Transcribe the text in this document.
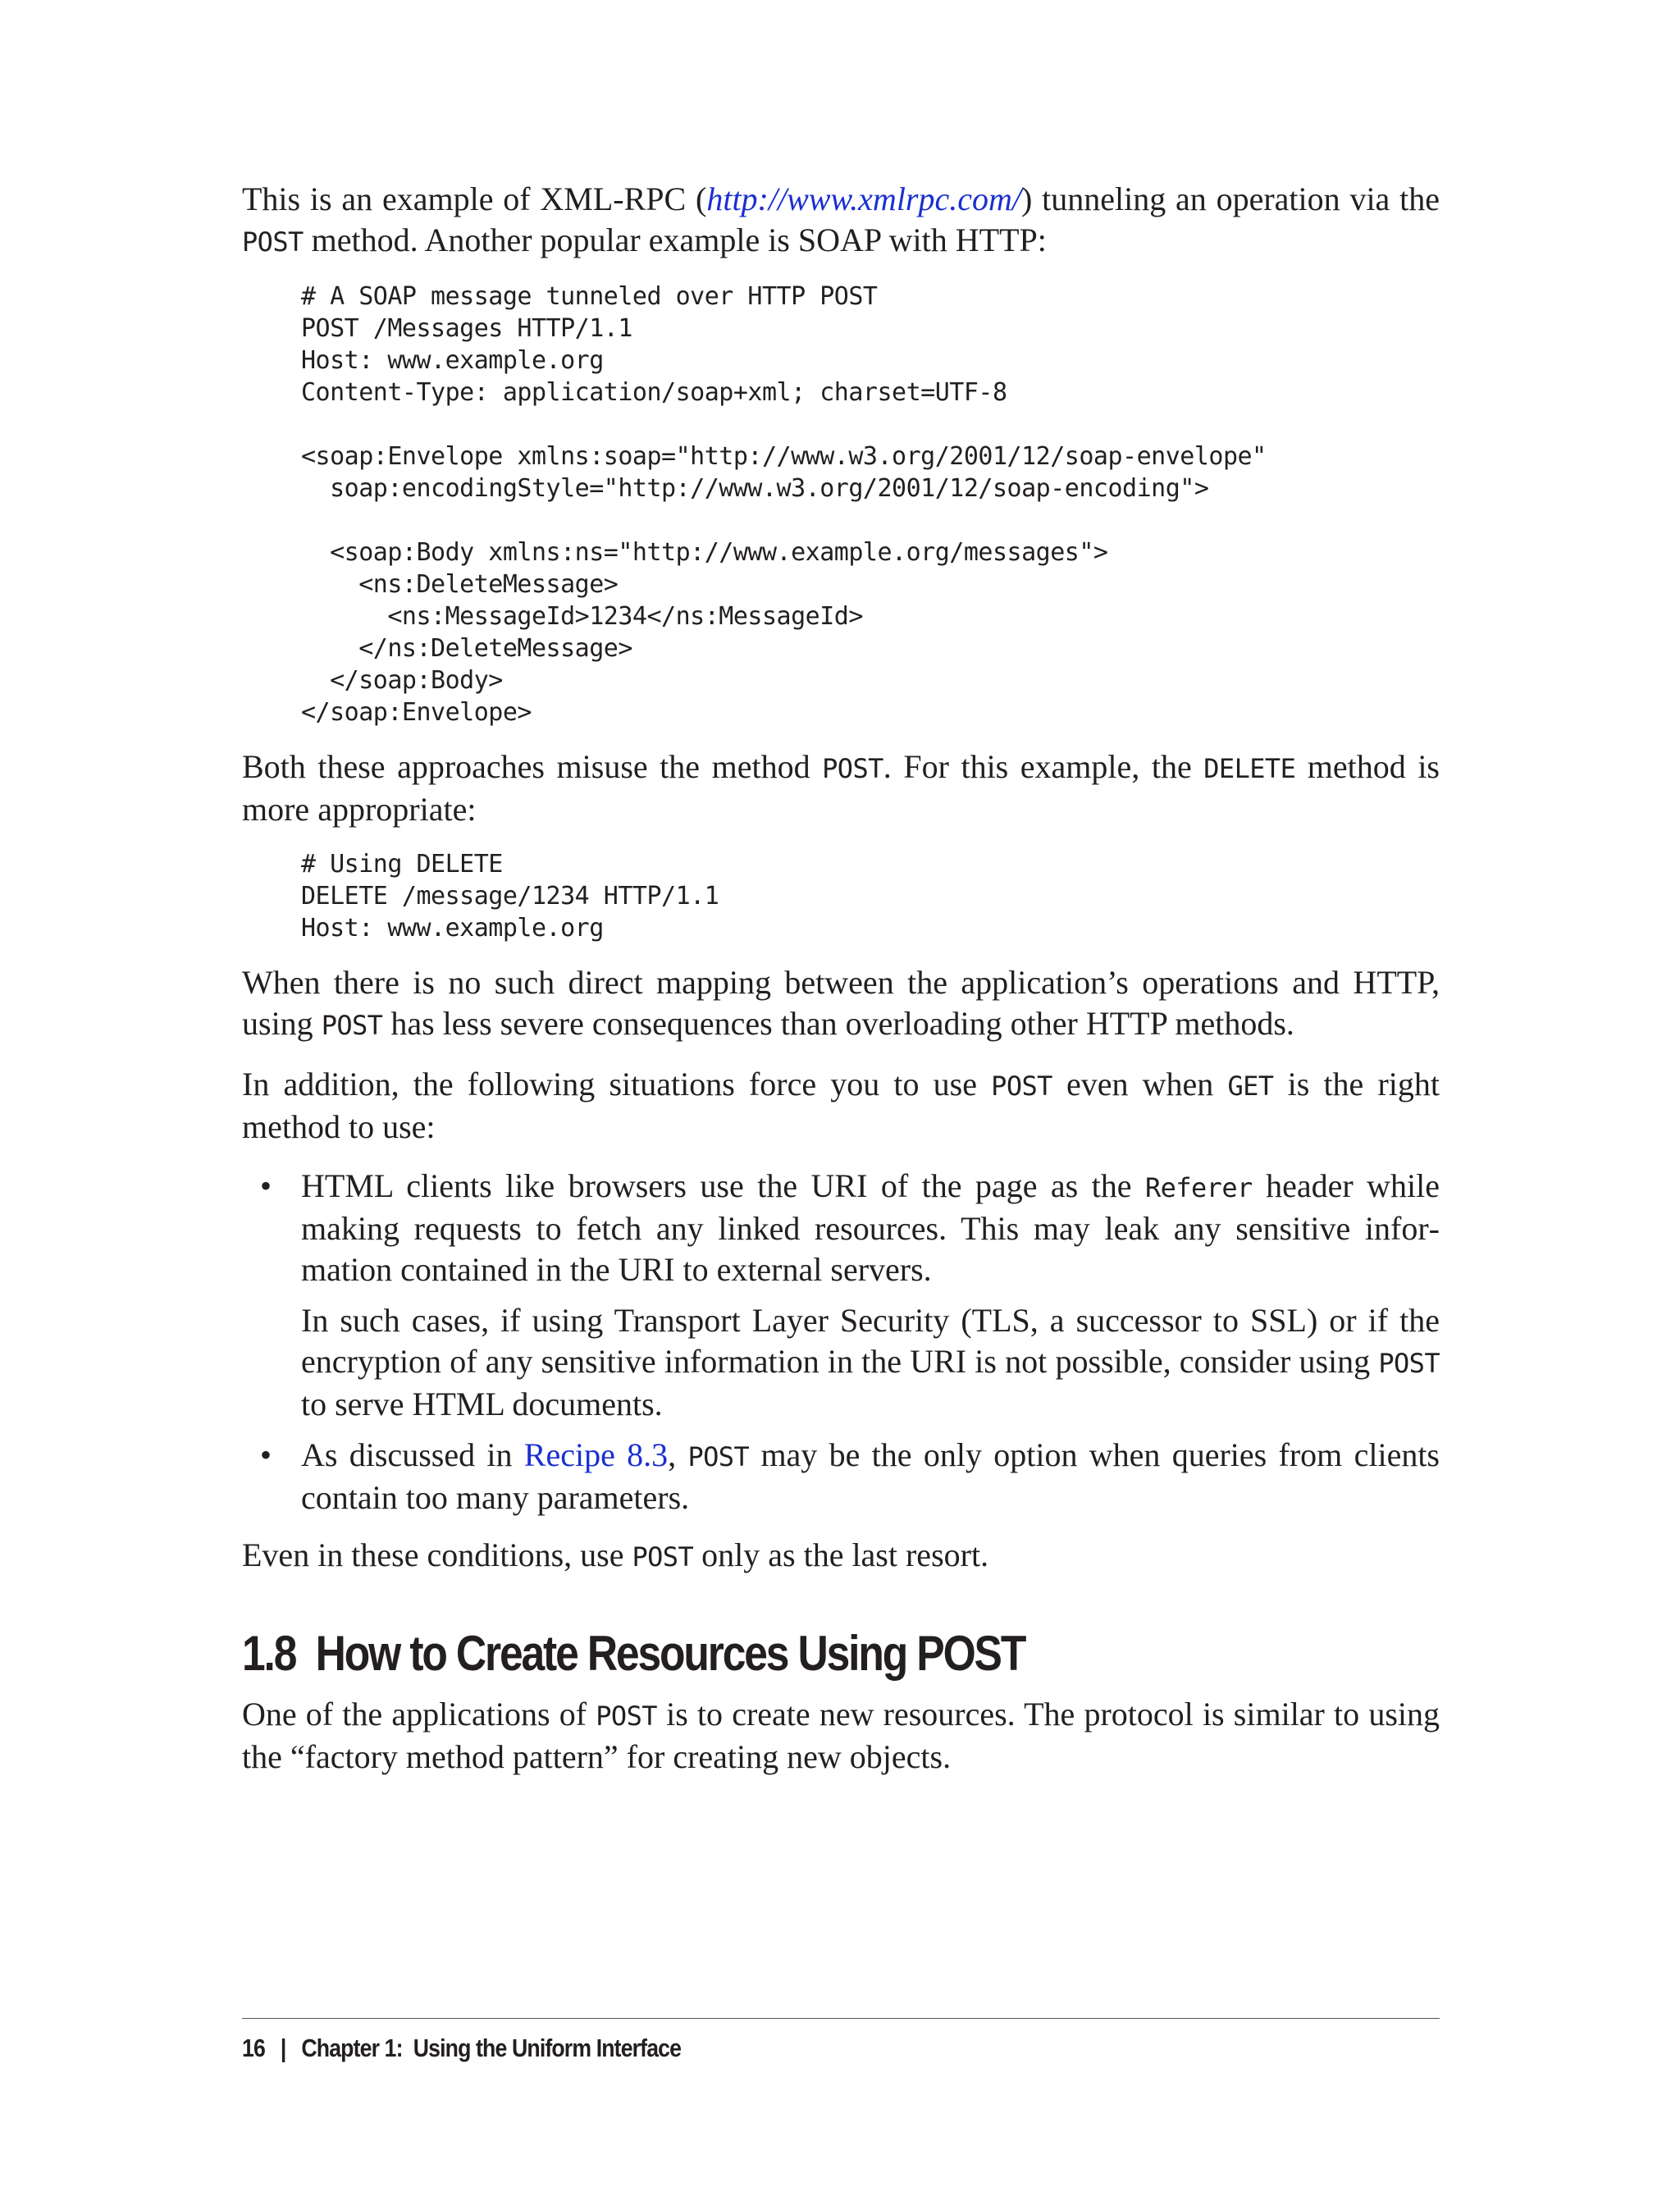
This is an example of XML-RPC (http://www.xmlrpc.com/) tunneling an operation via the POST method. Another popular example is SOAP with HTTP:

# A SOAP message tunneled over HTTP POST
POST /Messages HTTP/1.1
Host: www.example.org
Content-Type: application/soap+xml; charset=UTF-8

<soap:Envelope xmlns:soap="http://www.w3.org/2001/12/soap-envelope"
soap:encodingStyle="http://www.w3.org/2001/12/soap-encoding">

<soap:Body xmlns:ns="http://www.example.org/messages">
<ns:DeleteMessage>
<ns:MessageId>1234</ns:MessageId>
</ns:DeleteMessage>
</soap:Body>
</soap:Envelope>

Both these approaches misuse the method POST. For this example, the DELETE method is more appropriate:

# Using DELETE
DELETE /message/1234 HTTP/1.1
Host: www.example.org

When there is no such direct mapping between the application’s operations and HTTP, using POST has less severe consequences than overloading other HTTP methods.

In addition, the following situations force you to use POST even when GET is the right method to use:

• HTML clients like browsers use the URI of the page as the Referer header while making requests to fetch any linked resources. This may leak any sensitive information contained in the URI to external servers.

In such cases, if using Transport Layer Security (TLS, a successor to SSL) or if the encryption of any sensitive information in the URI is not possible, consider using POST to serve HTML documents.

• As discussed in Recipe 8.3, POST may be the only option when queries from clients contain too many parameters.

Even in these conditions, use POST only as the last resort.

1.8 How to Create Resources Using POST

One of the applications of POST is to create new resources. The protocol is similar to using the “factory method pattern” for creating new objects.

16 | Chapter 1: Using the Uniform Interface
